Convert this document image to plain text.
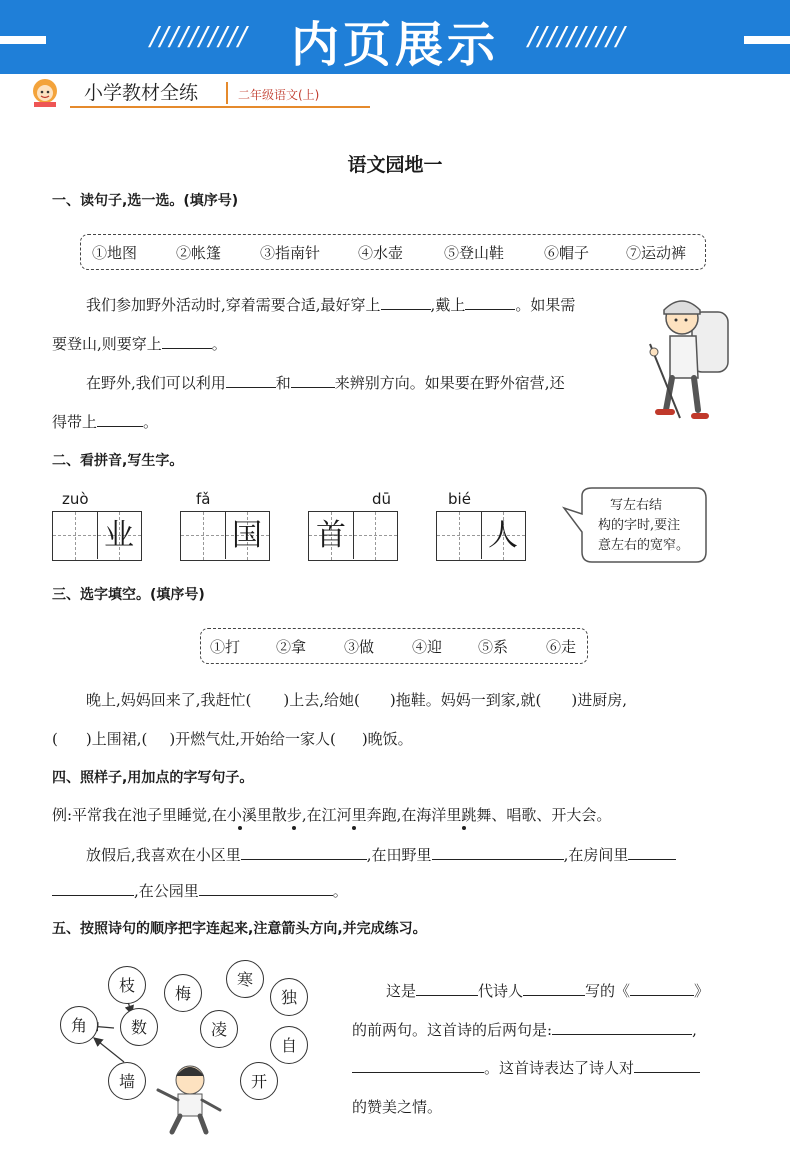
//////////	//////////
内页展示
小学教材全练	二年级语文(上)
语文园地一
一、读句子,选一选。(填序号)
①地图	②帐篷	③指南针	④水壶	⑤登山鞋	⑥帽子 ⑦运动裤
我们参加野外活动时,穿着需要合适,最好穿上	,戴上	。如果需
要登山,则要穿上	。
在野外,我们可以利用	和	来辨别方向。如果要在野外宿营,还
得带上	。
二、看拼音,写生字。
zuò	fǎ	dū	bié
业	国 首	人
写左右结
构的字时,要注
意左右的宽窄。
三、选字填空。(填序号)
①打 ②拿	③做	④迎 ⑤系	⑥走
晚上,妈妈回来了,我赶忙( )上去,给她( )拖鞋。妈妈一到家,就( )进厨房,
( )上围裙,( )开燃气灶,开始给一家人( )晚饭。
四、照样子,用加点的字写句子。
例:平常我在池子里睡觉,在小溪里散步,在江河里奔跑,在海洋里跳舞、唱歌、开大会。
放假后,我喜欢在小区里	,在田野里	,在房间里
,在公园里	。
五、按照诗句的顺序把字连起来,注意箭头方向,并完成练习。
枝	梅
寒
独
角	数	凌
自
墙	开
这是	代诗人	写的《	》
的前两句。这首诗的后两句是:	,
。这首诗表达了诗人对
的赞美之情。
